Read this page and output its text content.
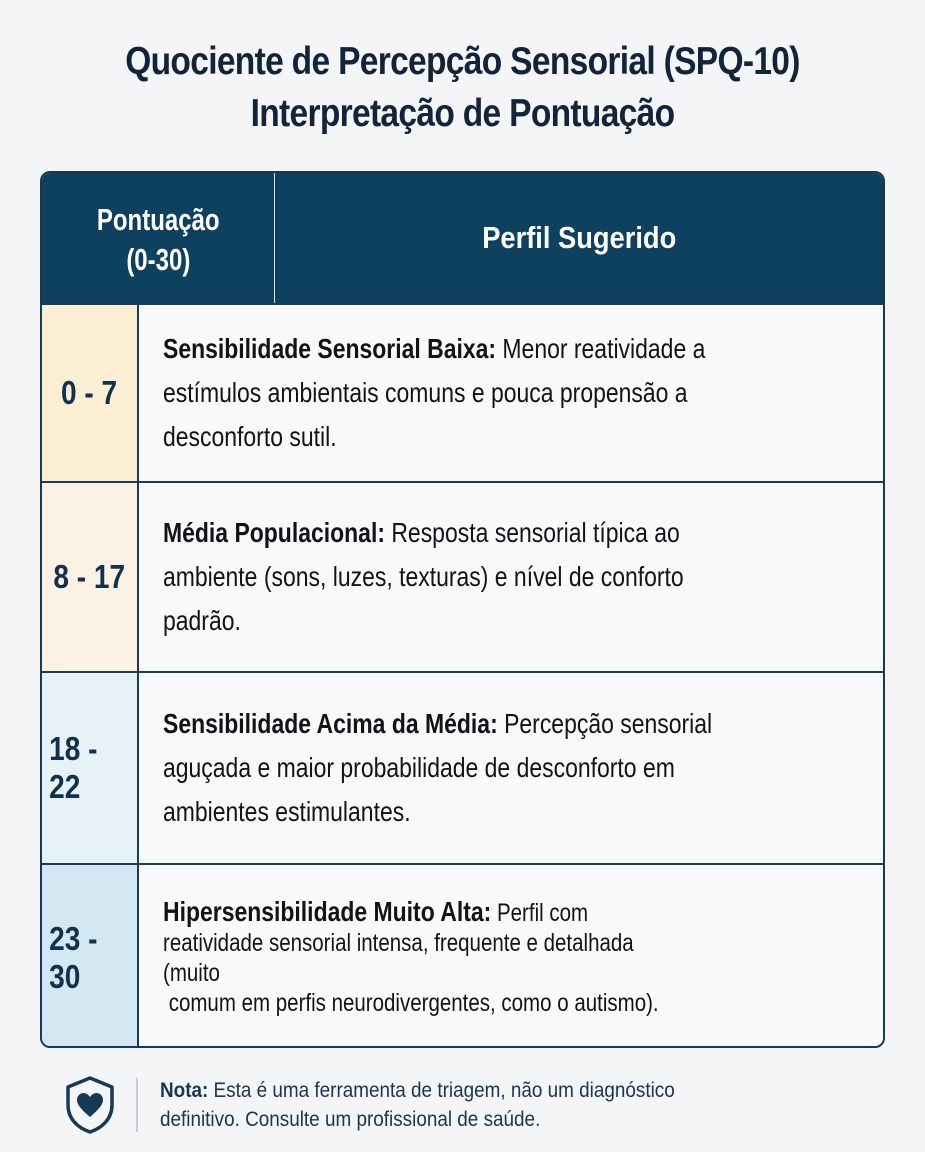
Quociente de Percepção Sensorial (SPQ-10)
Interpretação de Pontuação
Pontuação
(0-30)
Perfil Sugerido
0 - 7
Sensibilidade Sensorial Baixa: Menor reatividade a estímulos ambientais comuns e pouca propensão a desconforto sutil.
8 - 17
Média Populacional: Resposta sensorial típica ao ambiente (sons, luzes, texturas) e nível de conforto padrão.
18 - 22
Sensibilidade Acima da Média: Percepção sensorial aguçada e maior probabilidade de desconforto em ambientes estimulantes.
23 - 30
Hipersensibilidade Muito Alta: Perfil com
reatividade sensorial intensa, frequente e detalhada
(muito
comum em perfis neurodivergentes, como o autismo).
Nota: Esta é uma ferramenta de triagem, não um diagnóstico
definitivo. Consulte um profissional de saúde.
